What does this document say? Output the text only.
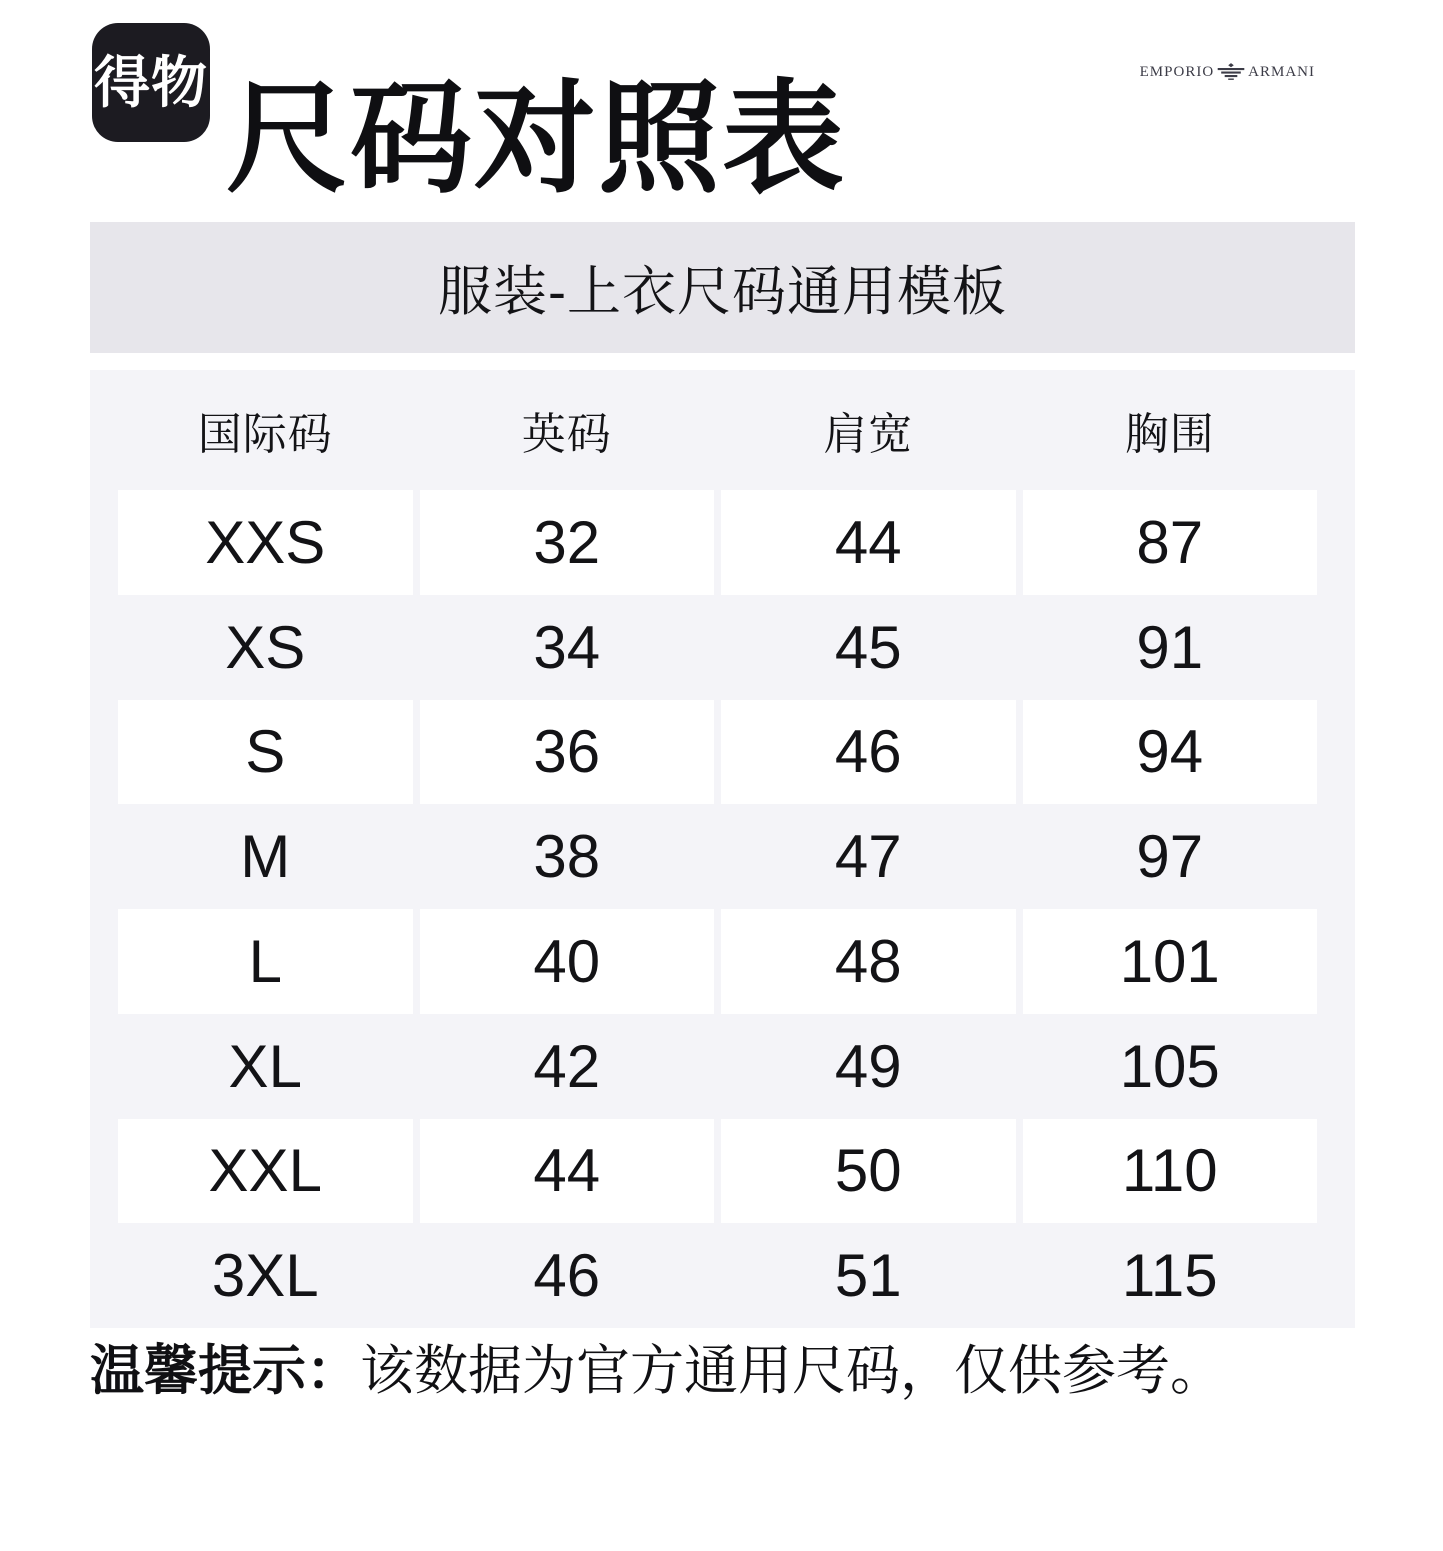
得物 尺码对照表	EMPORIO ARMANI
服装-上衣尺码通用模板
国际码	英码	肩宽	胸围
XXS	32	44	87
XS	34	45	91
S	36	46	94
M	38	47	97
L	40	48	101
XL	42	49	105
XXL	44	50	110
3XL	46	51	115

温馨提示：该数据为官方通用尺码，仅供参考。
